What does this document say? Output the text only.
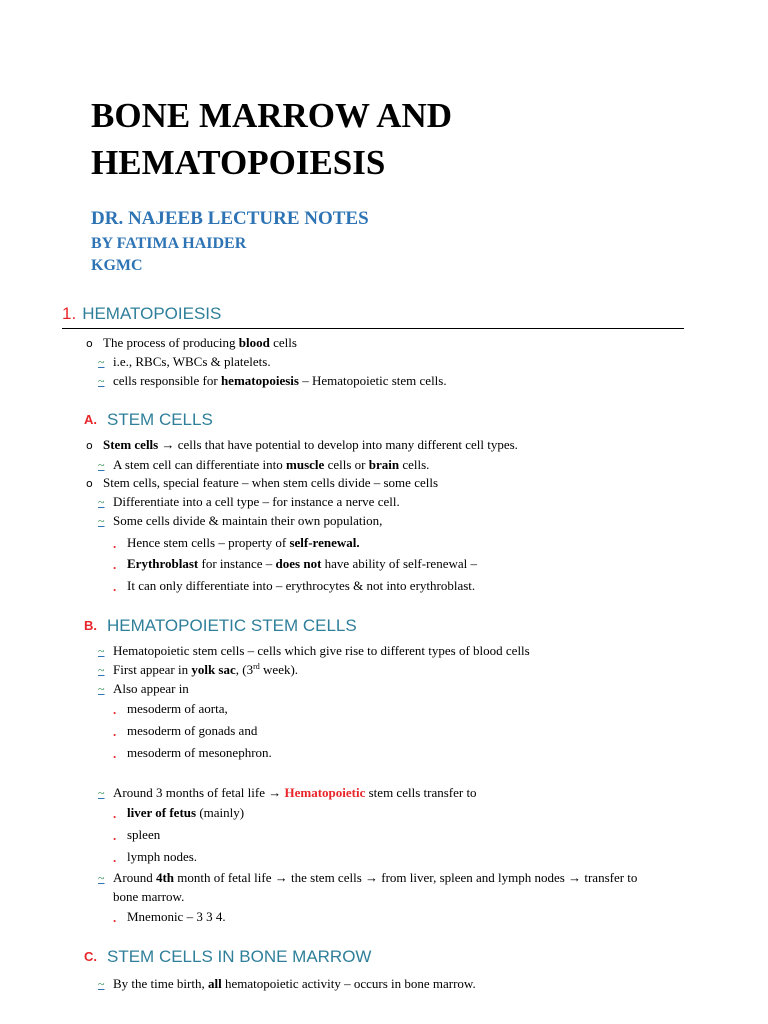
BONE MARROW AND
HEMATOPOIESIS
DR. NAJEEB LECTURE NOTES
BY FATIMA HAIDER
KGMC
1. HEMATOPOIESIS
o The process of producing blood cells
~ i.e., RBCs, WBCs & platelets.
~ cells responsible for hematopoiesis – Hematopoietic stem cells.
A. STEM CELLS
o Stem cells → cells that have potential to develop into many different cell types.
~ A stem cell can differentiate into muscle cells or brain cells.
o Stem cells, special feature – when stem cells divide – some cells
~ Differentiate into a cell type – for instance a nerve cell.
~ Some cells divide & maintain their own population,
. Hence stem cells – property of self-renewal.
. Erythroblast for instance – does not have ability of self-renewal –
. It can only differentiate into – erythrocytes & not into erythroblast.
B. HEMATOPOIETIC STEM CELLS
~ Hematopoietic stem cells – cells which give rise to different types of blood cells
~ First appear in yolk sac, (3rd week).
~ Also appear in
. mesoderm of aorta,
. mesoderm of gonads and
. mesoderm of mesonephron.
~ Around 3 months of fetal life → Hematopoietic stem cells transfer to
. liver of fetus (mainly)
. spleen
. lymph nodes.
~ Around 4th month of fetal life → the stem cells → from liver, spleen and lymph nodes → transfer to
bone marrow.
. Mnemonic – 3 3 4.
C. STEM CELLS IN BONE MARROW
~ By the time birth, all hematopoietic activity – occurs in bone marrow.
